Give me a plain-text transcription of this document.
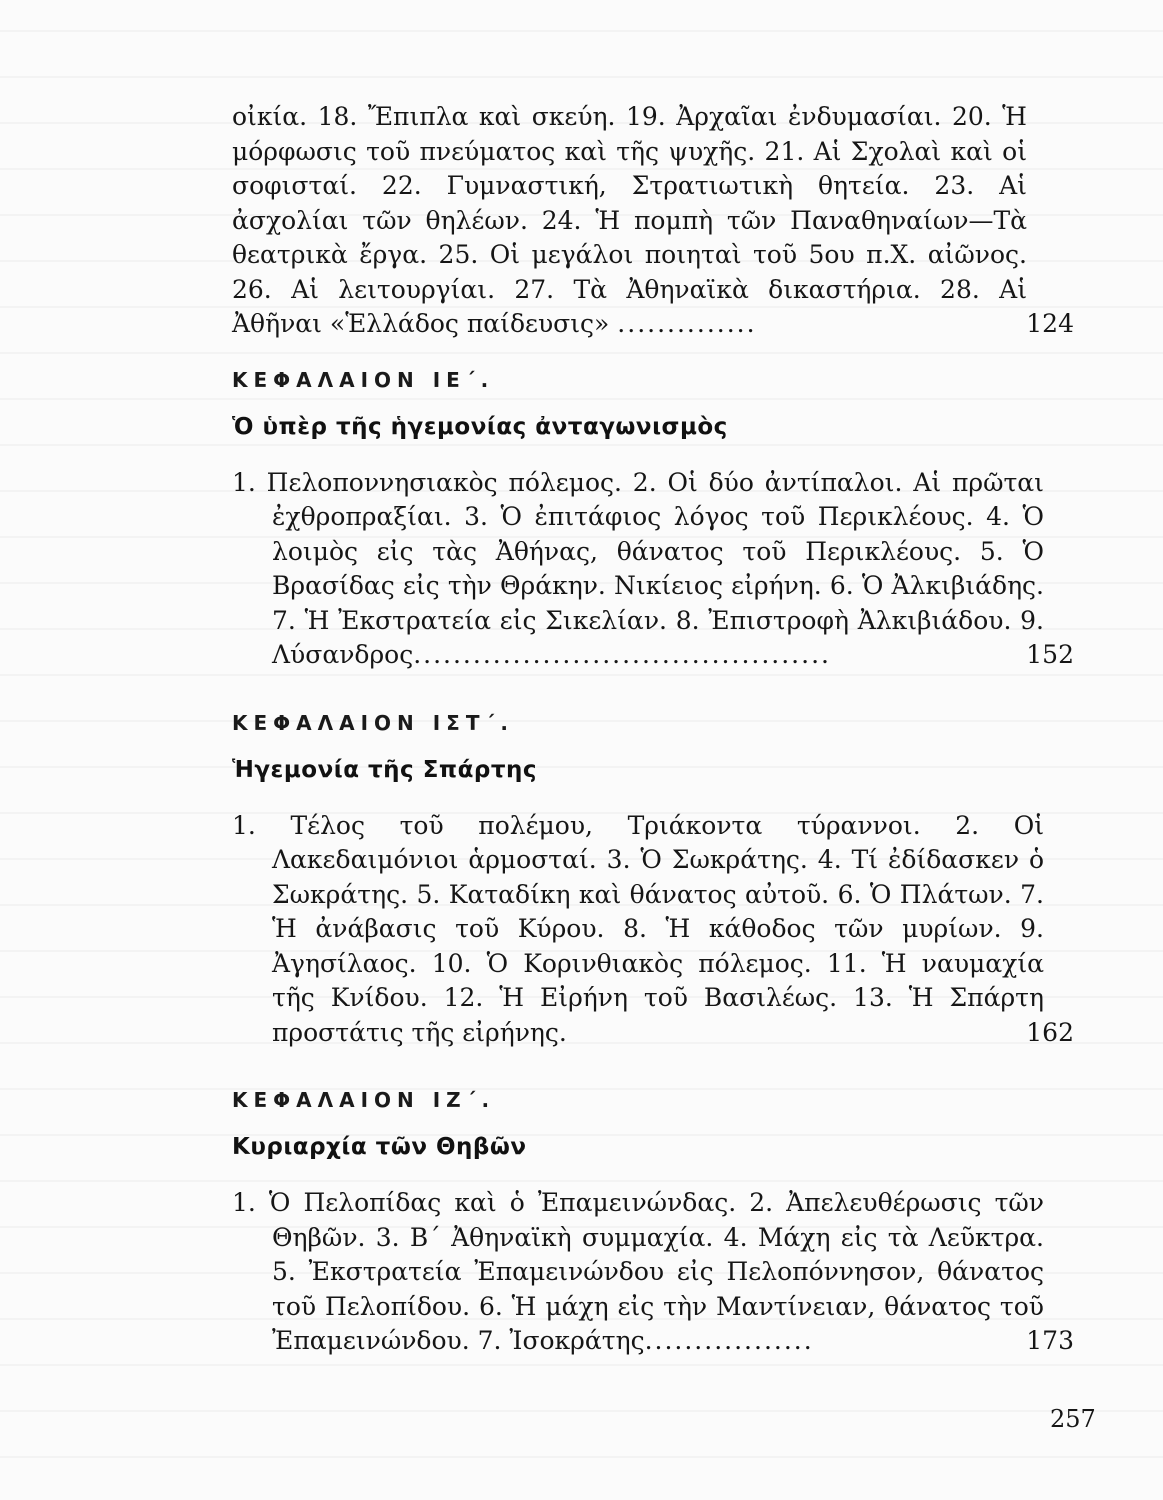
οἰκία. 18. Ἔπιπλα καὶ σκεύη. 19. Ἀρχαῖαι ἐνδυμασίαι. 20. Ἡ μόρφωσις τοῦ πνεύματος καὶ τῆς ψυχῆς. 21. Αἱ Σχολαὶ καὶ οἱ σοφισταί. 22. Γυμναστική, Στρατιωτικὴ θητεία. 23. Αἱ ἀσχολίαι τῶν θηλέων. 24. Ἡ πομπὴ τῶν Παναθηναίων—Τὰ θεατρικὰ ἔργα. 25. Οἱ μεγάλοι ποιηταὶ τοῦ 5ου π.Χ. αἰῶνος. 26. Αἱ λειτουργίαι. 27. Τὰ Ἀθηναϊκὰ δικαστήρια. 28. Αἱ Ἀθῆναι «Ἑλλάδος παίδευσις» ..............	124
ΚΕΦΑΛΑΙΟΝ ΙΕ΄.
Ὁ ὑπὲρ τῆς ἡγεμονίας ἀνταγωνισμὸς

1. Πελοποννησιακὸς πόλεμος. 2. Οἱ δύο ἀντίπαλοι. Αἱ πρῶται ἐχθροπραξίαι. 3. Ὁ ἐπιτάφιος λόγος τοῦ Περικλέους. 4. Ὁ λοιμὸς εἰς τὰς Ἀθήνας, θάνατος τοῦ Περικλέους. 5. Ὁ Βρασίδας εἰς τὴν Θράκην. Νικίειος εἰρήνη. 6. Ὁ Ἀλκιβιάδης. 7. Ἡ Ἐκστρατεία εἰς Σικελίαν. 8. Ἐπιστροφὴ Ἀλκιβιάδου. 9. Λύσανδρος..........................................	152
ΚΕΦΑΛΑΙΟΝ ΙΣΤ΄.
Ἡγεμονία τῆς Σπάρτης

1. Τέλος τοῦ πολέμου, Τριάκοντα τύραννοι. 2. Οἱ Λακεδαιμόνιοι ἁρμοσταί. 3. Ὁ Σωκράτης. 4. Τί ἐδίδασκεν ὁ Σωκράτης. 5. Καταδίκη καὶ θάνατος αὐτοῦ. 6. Ὁ Πλάτων. 7. Ἡ ἀνάβασις τοῦ Κύρου. 8. Ἡ κάθοδος τῶν μυρίων. 9. Ἀγησίλαος. 10. Ὁ Κορινθιακὸς πόλεμος. 11. Ἡ ναυμαχία τῆς Κνίδου. 12. Ἡ Εἰρήνη τοῦ Βασιλέως. 13. Ἡ Σπάρτη προστάτις τῆς εἰρήνης.	162
ΚΕΦΑΛΑΙΟΝ ΙΖ΄.
Κυριαρχία τῶν Θηβῶν

1. Ὁ Πελοπίδας καὶ ὁ Ἐπαμεινώνδας. 2. Ἀπελευθέρωσις τῶν Θηβῶν. 3. Β΄ Ἀθηναϊκὴ συμμαχία. 4. Μάχη εἰς τὰ Λεῦκτρα. 5. Ἐκστρατεία Ἐπαμεινώνδου εἰς Πελοπόννησον, θάνατος τοῦ Πελοπίδου. 6. Ἡ μάχη εἰς τὴν Μαντίνειαν, θάνατος τοῦ Ἐπαμεινώνδου. 7. Ἰσοκράτης.................	173
257
